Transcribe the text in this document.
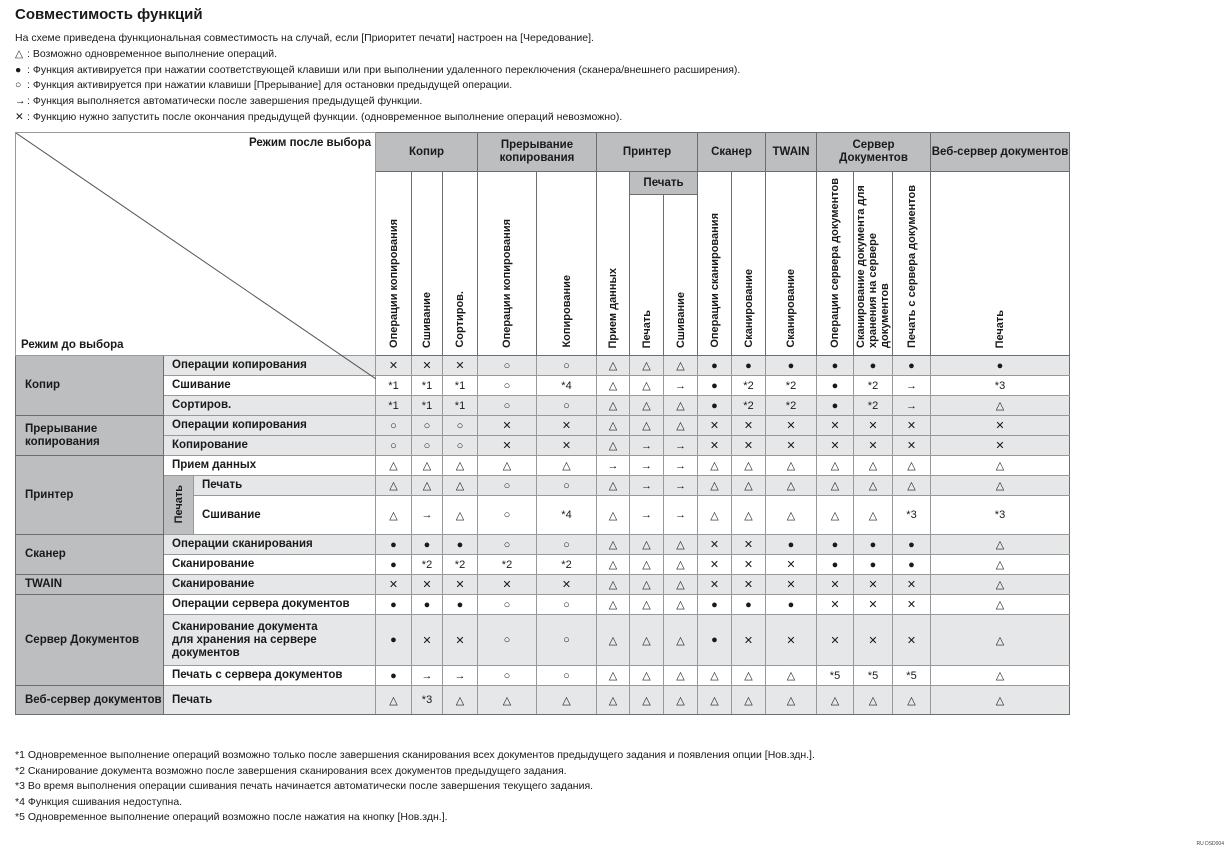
Совместимость функций
На схеме приведена функциональная совместимость на случай, если [Приоритет печати] настроен на [Чередование].
△ : Возможно одновременное выполнение операций.
● : Функция активируется при нажатии соответствующей клавиши или при выполнении удаленного переключения (сканера/внешнего расширения).
○ : Функция активируется при нажатии клавиши [Прерывание] для остановки предыдущей операции.
→ : Функция выполняется автоматически после завершения предыдущей функции.
✕ : Функцию нужно запустить после окончания предыдущей функции. (одновременное выполнение операций невозможно).
Режим после выбора
Режим до выбора			Копир			Прерывание копирования		Принтер			Сканер		TWAIN	Сервер Документов			Веб-сервер документов
			Операции копирования	Сшивание	Сортиров.	Операции копирования	Копирование	Прием данных	Печать		Операции сканирования	Сканирование	Сканирование	Операции сервера документов	Сканирование документа для хранения на сервере документов	Печать с сервера документов	Печать
									Печать	Сшивание							
Копир	Операции копирования		✕	✕	✕	○	○	△	△	△	●	●	●	●	●	●	●
	Сшивание		*1	*1	*1	○	*4	△	△	→	●	*2	*2	●	*2	→	*3
	Сортиров.		*1	*1	*1	○	○	△	△	△	●	*2	*2	●	*2	→	△
Прерывание копирования	Операции копирования		○	○	○	✕	✕	△	△	△	✕	✕	✕	✕	✕	✕	✕
	Копирование		○	○	○	✕	✕	△	→	→	✕	✕	✕	✕	✕	✕	✕
Принтер	Прием данных		△	△	△	△	△	→	→	→	△	△	△	△	△	△	△
	Печать	Печать	△	△	△	○	○	△	→	→	△	△	△	△	△	△	△
		Сшивание	△	→	△	○	*4	△	→	→	△	△	△	△	△	*3	*3
Сканер	Операции сканирования		●	●	●	○	○	△	△	△	✕	✕	●	●	●	●	△
	Сканирование		●	*2	*2	*2	*2	△	△	△	✕	✕	✕	●	●	●	△
TWAIN	Сканирование		✕	✕	✕	✕	✕	△	△	△	✕	✕	✕	✕	✕	✕	△
Сервер Документов	Операции сервера документов		●	●	●	○	○	△	△	△	●	●	●	✕	✕	✕	△
	Сканирование документа для хранения на сервере документов		●	✕	✕	○	○	△	△	△	●	✕	✕	✕	✕	✕	△
	Печать с сервера документов		●	→	→	○	○	△	△	△	△	△	△	*5	*5	*5	△
Веб-сервер документов	Печать		△	*3	△	△	△	△	△	△	△	△	△	△	△	△	△
*1 Одновременное выполнение операций возможно только после завершения сканирования всех документов предыдущего задания и появления опции [Нов.здн.].
*2 Сканирование документа возможно после завершения сканирования всех документов предыдущего задания.
*3 Во время выполнения операции сшивания печать начинается автоматически после завершения текущего задания.
*4 Функция сшивания недоступна.
*5 Одновременное выполнение операций возможно после нажатия на кнопку [Нов.здн.].
RU DSD004
